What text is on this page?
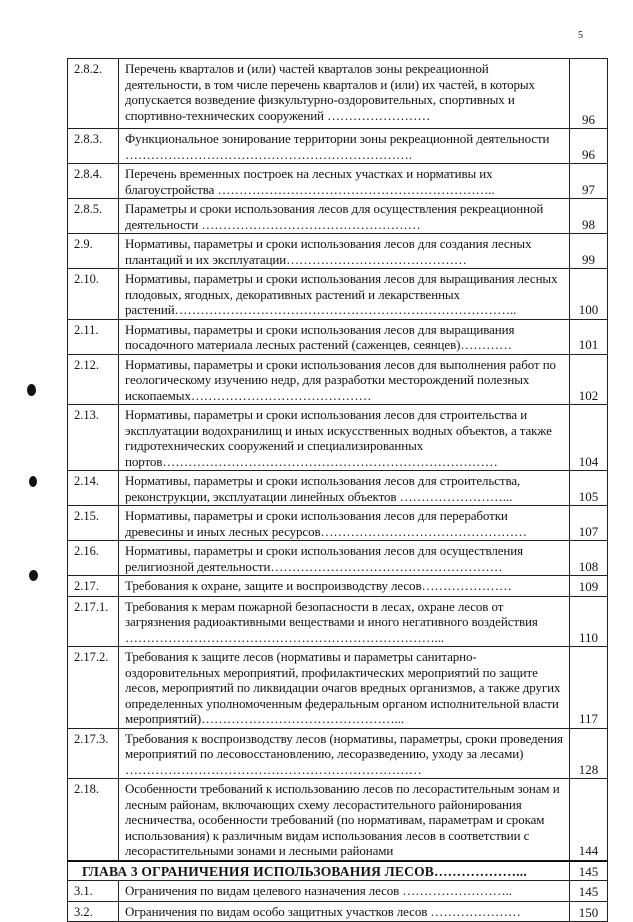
5
2.8.2.	Перечень кварталов и (или) частей кварталов зоны рекреационной деятельности, в том числе перечень кварталов и (или) их частей, в которых допускается возведение физкультурно-оздоровительных, спортивных и спортивно-технических сооружений ……………………	96
2.8.3.	Функциональное зонирование территории зоны рекреационной деятельности ………………………………………………………….	96
2.8.4.	Перечень временных построек на лесных участках и нормативы их благоустройства ………………………………………………………..	97
2.8.5.	Параметры и сроки использования лесов для осуществления рекреационной деятельности ……………………………………………	98
2.9.	Нормативы, параметры и сроки использования лесов для создания лесных плантаций и их эксплуатации……………………………………	99
2.10.	Нормативы, параметры и сроки использования лесов для выращивания лесных плодовых, ягодных, декоративных растений и лекарственных растений……………………………………………………………………..	100
2.11.	Нормативы, параметры и сроки использования лесов для выращивания посадочного материала лесных растений (саженцев, сеянцев)…………	101
2.12.	Нормативы, параметры и сроки использования лесов для выполнения работ по геологическому изучению недр, для разработки месторождений полезных ископаемых……………………………………	102
2.13.	Нормативы, параметры и сроки использования лесов для строительства и эксплуатации водохранилищ и иных искусственных водных объектов, а также гидротехнических сооружений и специализированных портов……………………………………………………………………	104
2.14.	Нормативы, параметры и сроки использования лесов для строительства, реконструкции, эксплуатации линейных объектов ……………………...	105
2.15.	Нормативы, параметры и сроки использования лесов для переработки древесины и иных лесных ресурсов…………………………………………	107
2.16.	Нормативы, параметры и сроки использования лесов для осуществления религиозной деятельности………………………………………………	108
2.17.	Требования к охране, защите и воспроизводству лесов…………………	109
2.17.1.	Требования к мерам пожарной безопасности в лесах, охране лесов от загрязнения радиоактивными веществами и иного негативного воздействия ………………………………………………………………...	110
2.17.2.	Требования к защите лесов (нормативы и параметры санитарно-оздоровительных мероприятий, профилактических мероприятий по защите лесов, мероприятий по ликвидации очагов вредных организмов, а также других определенных уполномоченным федеральным органом исполнительной власти мероприятий)………………………………………...	117
2.17.3.	Требования к воспроизводству лесов (нормативы, параметры, сроки проведения мероприятий по лесовосстановлению, лесоразведению, уходу за лесами) ……………………………………………………………	128
2.18.	Особенности требований к использованию лесов по лесорастительным зонам и лесным районам, включающих схему лесорастительного районирования лесничества, особенности требований (по нормативам, параметрам и срокам использования) к различным видам использования лесов в соответствии с лесорастительными зонами и лесными районами	144
ГЛАВА 3 ОГРАНИЧЕНИЯ ИСПОЛЬЗОВАНИЯ ЛЕСОВ………………...		145
3.1.	Ограничения по видам целевого назначения лесов ……………………..	145
3.2.	Ограничения по видам особо защитных участков лесов …………………	150
